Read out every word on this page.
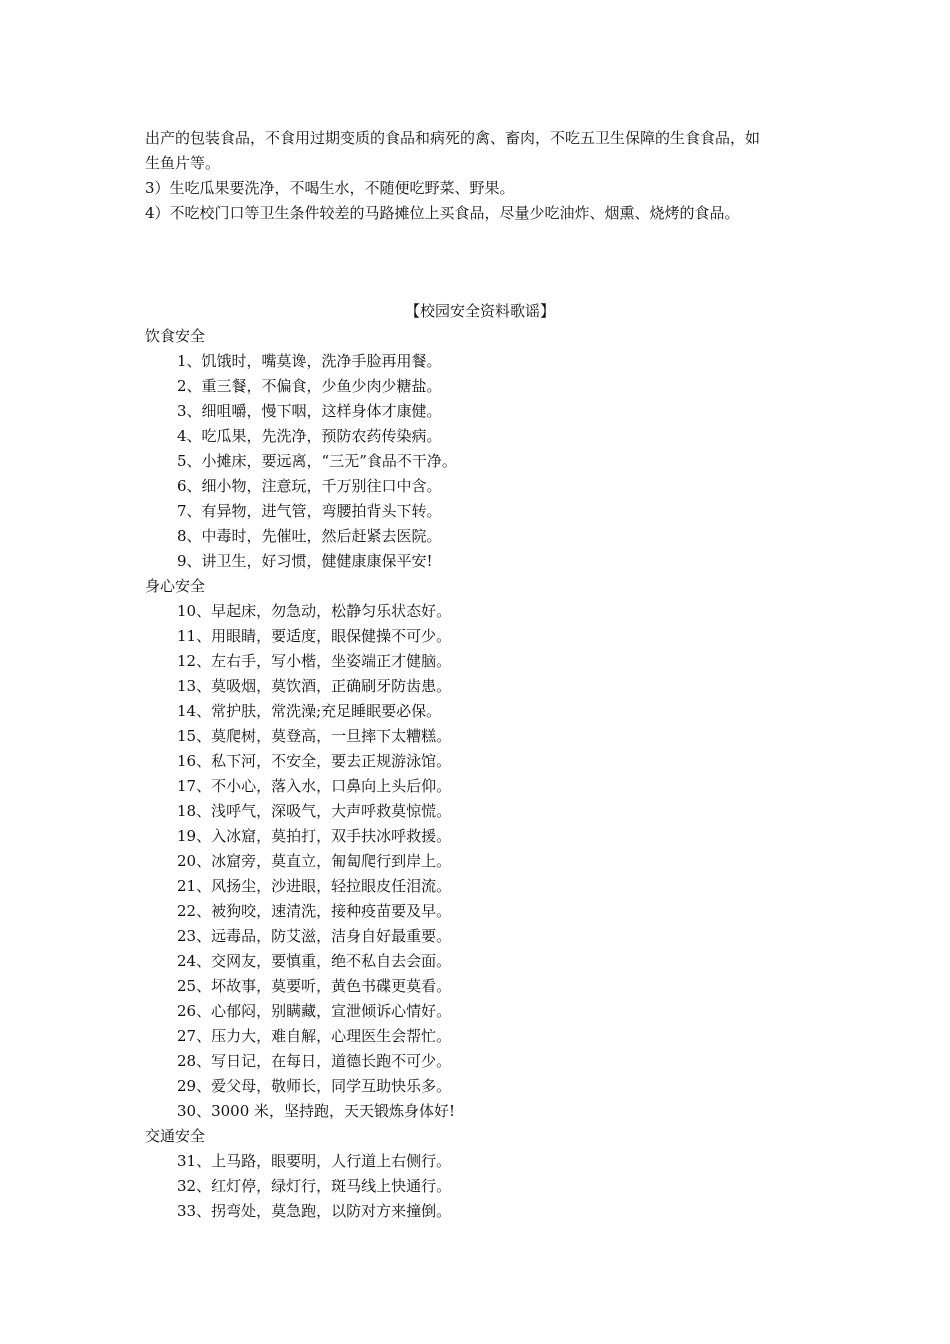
出产的包装食品，不食用过期变质的食品和病死的禽、畜肉，不吃五卫生保障的生食食品，如

生鱼片等。

3）生吃瓜果要洗净，不喝生水，不随便吃野菜、野果。

4）不吃校门口等卫生条件较差的马路摊位上买食品，尽量少吃油炸、烟熏、烧烤的食品。

【校园安全资料歌谣】

饮食安全

1、饥饿时，嘴莫谗，洗净手脸再用餐。

2、重三餐，不偏食，少鱼少肉少糖盐。

3、细咀嚼，慢下咽，这样身体才康健。

4、吃瓜果，先洗净，预防农药传染病。

5、小摊床，要远离，“三无”食品不干净。

6、细小物，注意玩，千万别往口中含。

7、有异物，进气管，弯腰拍背头下转。

8、中毒时，先催吐，然后赶紧去医院。

9、讲卫生，好习惯，健健康康保平安!

身心安全

10、早起床，勿急动，松静匀乐状态好。

11、用眼睛，要适度，眼保健操不可少。

12、左右手，写小楷，坐姿端正才健脑。

13、莫吸烟，莫饮酒，正确刷牙防齿患。

14、常护肤，常洗澡;充足睡眠要必保。

15、莫爬树，莫登高，一旦摔下太糟糕。

16、私下河，不安全，要去正规游泳馆。

17、不小心，落入水，口鼻向上头后仰。

18、浅呼气，深吸气，大声呼救莫惊慌。

19、入冰窟，莫拍打，双手扶冰呼救援。

20、冰窟旁，莫直立，匍匐爬行到岸上。

21、风扬尘，沙进眼，轻拉眼皮任泪流。

22、被狗咬，速清洗，接种疫苗要及早。

23、远毒品，防艾滋，洁身自好最重要。

24、交网友，要慎重，绝不私自去会面。

25、坏故事，莫要听，黄色书碟更莫看。

26、心郁闷，别瞒藏，宣泄倾诉心情好。

27、压力大，难自解，心理医生会帮忙。

28、写日记，在每日，道德长跑不可少。

29、爱父母，敬师长，同学互助快乐多。

30、3000 米，坚持跑，天天锻炼身体好!

交通安全

31、上马路，眼要明，人行道上右侧行。

32、红灯停，绿灯行，斑马线上快通行。

33、拐弯处，莫急跑，以防对方来撞倒。
